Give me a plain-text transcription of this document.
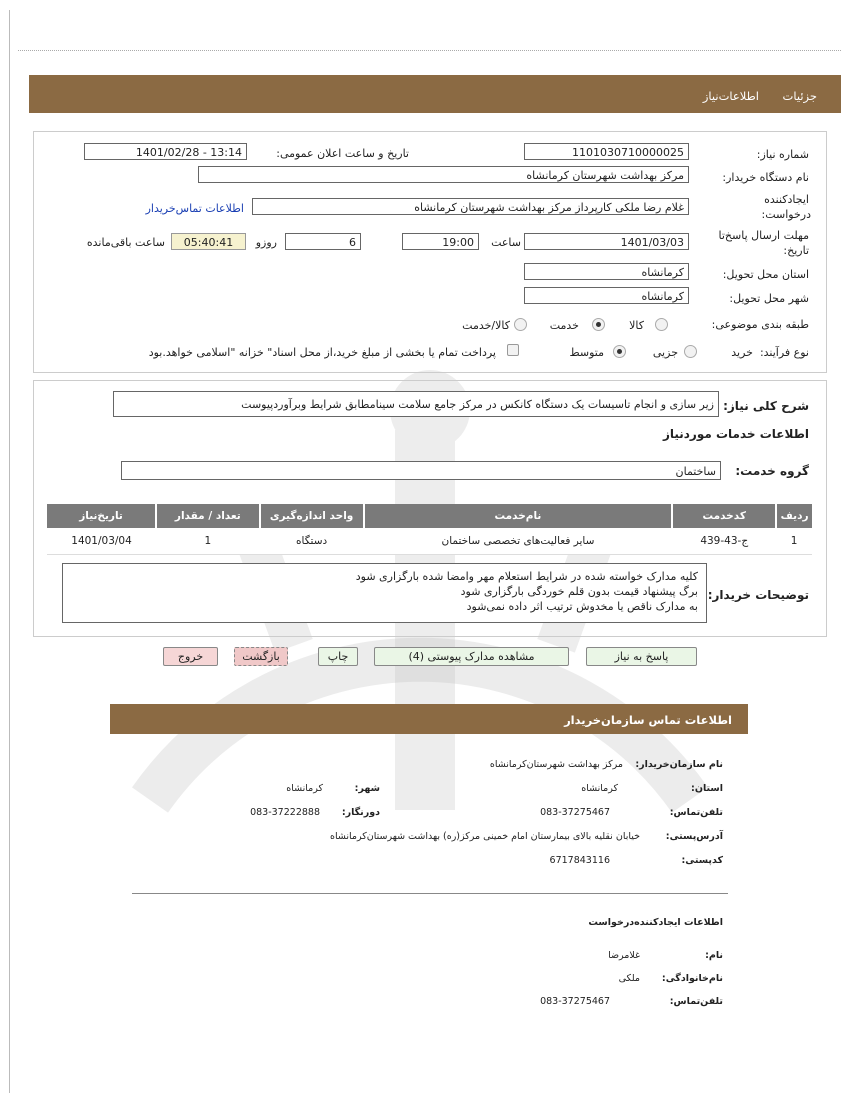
جزئیات
اطلاعات‌نیاز
شماره نیاز:
1101030710000025
تاریخ و ساعت اعلان عمومی:
1401/02/28 - 13:14
نام دستگاه خریدار:
مرکز بهداشت شهرستان کرمانشاه
ایجادکننده
درخواست:
غلام رضا ملکی کارپرداز مرکز بهداشت شهرستان کرمانشاه
اطلاعات تماس‌خریدار
مهلت ارسال پاسخ‌تا
تاریخ:
1401/03/03
ساعت
19:00
6
روزو
05:40:41
ساعت باقی‌مانده
استان محل تحویل:
کرمانشاه
شهر محل تحویل:
کرمانشاه
طبقه بندی موضوعی:
کالا
خدمت
کالا/خدمت
نوع فرآیند:
خرید
جزیی
متوسط
پرداخت تمام یا بخشی از مبلغ خرید،از محل اسناد" خزانه "اسلامی خواهد.بود
شرح کلی نیاز:
زیر سازی و انجام تاسیسات یک دستگاه کانکس در مرکز جامع سلامت سینامطابق شرایط وبرآوردپیوست
اطلاعات خدمات موردنیاز
گروه خدمت:
ساختمان
ردیف	کدخدمت	نام‌خدمت	واحد اندازه‌گیری	تعداد / مقدار	تاریخ‌نیاز
1	ج-43-439	سایر فعالیت‌های تخصصی ساختمان	دستگاه	1	1401/03/04
توضیحات خریدار:
کلیه مدارک خواسته شده در شرایط استعلام مهر وامضا شده بارگزاری شود
برگ پیشنهاد قیمت بدون قلم خوردگی بارگزاری شود
به مدارک ناقص یا مخدوش ترتیب اثر داده نمی‌شود
پاسخ به نیاز
مشاهده مدارک پیوستی (4)
چاپ
بازگشت
خروج
اطلاعات تماس سازمان‌خریدار
نام سازمان‌خریدار:
مرکز بهداشت شهرستان‌کرمانشاه
استان:
کرمانشاه
شهر:
کرمانشاه
تلفن‌تماس:
083-37275467
دورنگار:
083-37222888
آدرس‌پستی:
خیابان نقلیه بالای بیمارستان امام خمینی مرکز(ره) بهداشت شهرستان‌کرمانشاه
کدپستی:
6717843116
اطلاعات ایجادکننده‌درخواست
نام:
غلامرضا
نام‌خانوادگی:
ملکی
تلفن‌تماس:
083-37275467
